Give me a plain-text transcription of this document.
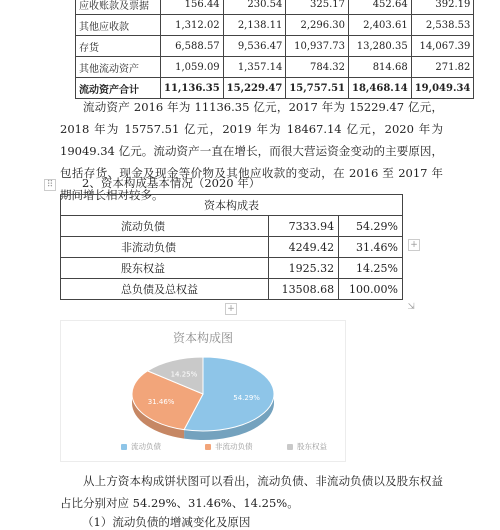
应收账款及票据	156.44	230.54	325.17	452.64	392.19
其他应收款	1,312.02	2,138.11	2,296.30	2,403.61	2,538.53
存货	6,588.57	9,536.47	10,937.73	13,280.35	14,067.39
其他流动资产	1,059.09	1,357.14	784.32	814.68	271.82
流动资产合计	11,136.35	15,229.47	15,757.51	18,468.14	19,049.34
流动资产 2016 年为 11136.35 亿元，2017 年为 15229.47 亿元，2018 年为 15757.51 亿元，2019 年为 18467.14 亿元，2020 年为 19049.34 亿元。流动资产一直在增长，而很大营运资金变动的主要原因，包括存货、现金及现金等价物及其他应收款的变动，在 2016 至 2017 年期间增长相对较多。
⠿ 2、资本构成基本情况（2020 年）
资本构成表		
流动负债	7333.94	54.29%
非流动负债	4249.42	31.46%
股东权益	1925.32	14.25%
总负债及总权益	13508.68	100.00%
+
+	⇲
资本构成图
54.29%
31.46%
14.25%
流动负债	非流动负债	股东权益
从上方资本构成饼状图可以看出，流动负债、非流动负债以及股东权益占比分别对应 54.29%、31.46%、14.25%。
（1）流动负债的增减变化及原因
